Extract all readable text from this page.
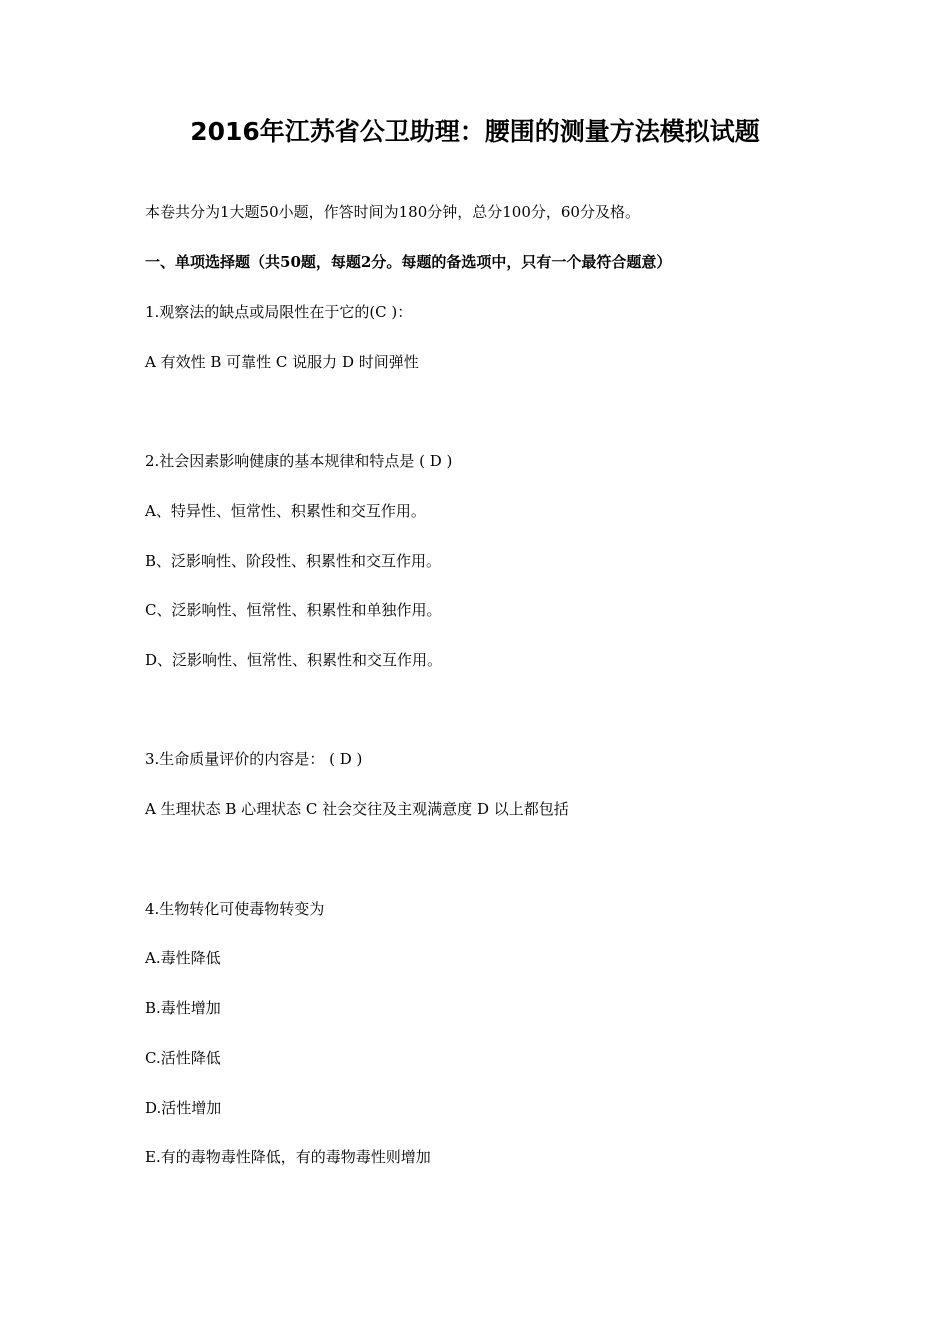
2016年江苏省公卫助理：腰围的测量方法模拟试题
本卷共分为1大题50小题，作答时间为180分钟，总分100分，60分及格。
一、单项选择题（共50题，每题2分。每题的备选项中，只有一个最符合题意）
1.观察法的缺点或局限性在于它的(C )：
A 有效性 B 可靠性 C 说服力 D 时间弹性
2.社会因素影响健康的基本规律和特点是 ( D )
A、特异性、恒常性、积累性和交互作用。
B、泛影响性、阶段性、积累性和交互作用。
C、泛影响性、恒常性、积累性和单独作用。
D、泛影响性、恒常性、积累性和交互作用。
3.生命质量评价的内容是： ( D )
A 生理状态 B 心理状态 C 社会交往及主观满意度 D 以上都包括
4.生物转化可使毒物转变为
A.毒性降低
B.毒性增加
C.活性降低
D.活性增加
E.有的毒物毒性降低，有的毒物毒性则增加
